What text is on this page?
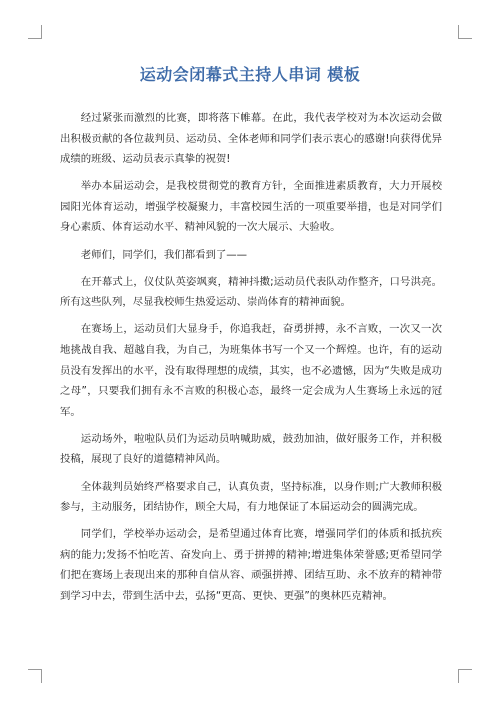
运动会闭幕式主持人串词 模板

经过紧张而激烈的比赛，即将落下帷幕。在此，我代表学校对为本次运动会做出积极贡献的各位裁判员、运动员、全体老师和同学们表示衷心的感谢!向获得优异成绩的班级、运动员表示真挚的祝贺!

举办本届运动会，是我校贯彻党的教育方针，全面推进素质教育，大力开展校园阳光体育运动，增强学校凝聚力，丰富校园生活的一项重要举措，也是对同学们身心素质、体育运动水平、精神风貌的一次大展示、大验收。

老师们，同学们，我们都看到了——

在开幕式上，仪仗队英姿飒爽，精神抖擞;运动员代表队动作整齐，口号洪亮。所有这些队列，尽显我校师生热爱运动、崇尚体育的精神面貌。

在赛场上，运动员们大显身手，你追我赶，奋勇拼搏，永不言败，一次又一次地挑战自我、超越自我，为自己，为班集体书写一个又一个辉煌。也许，有的运动员没有发挥出的水平，没有取得理想的成绩，其实，也不必遗憾，因为“失败是成功之母”，只要我们拥有永不言败的积极心态，最终一定会成为人生赛场上永远的冠军。

运动场外，啦啦队员们为运动员呐喊助威，鼓劲加油，做好服务工作，并积极投稿，展现了良好的道德精神风尚。

全体裁判员始终严格要求自己，认真负责，坚持标准，以身作则;广大教师积极参与，主动服务，团结协作，顾全大局，有力地保证了本届运动会的圆满完成。

同学们，学校举办运动会，是希望通过体育比赛，增强同学们的体质和抵抗疾病的能力;发扬不怕吃苦、奋发向上、勇于拼搏的精神;增进集体荣誉感;更希望同学们把在赛场上表现出来的那种自信从容、顽强拼搏、团结互助、永不放弃的精神带到学习中去，带到生活中去，弘扬“更高、更快、更强”的奥林匹克精神。
